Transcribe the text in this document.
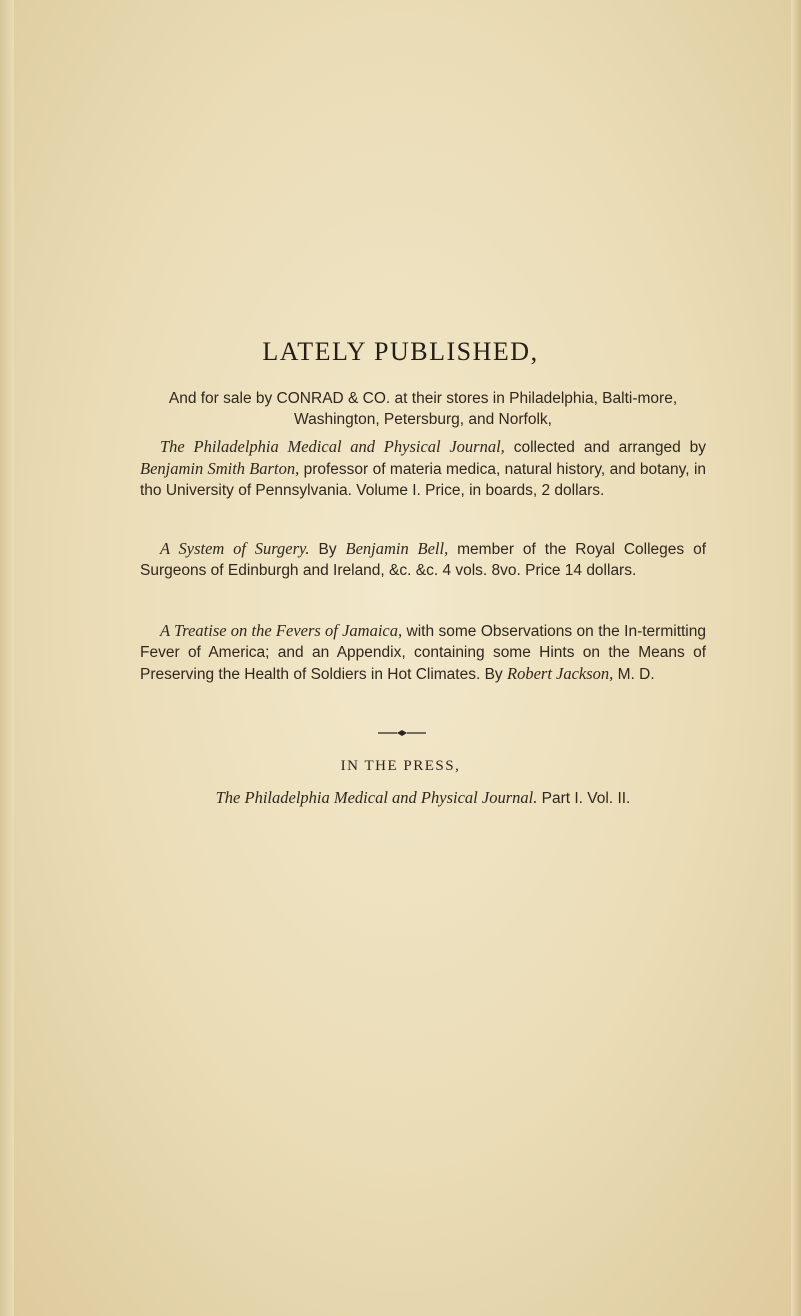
LATELY PUBLISHED,
And for sale by CONRAD & CO. at their stores in Philadelphia, Balti-more, Washington, Petersburg, and Norfolk,
The Philadelphia Medical and Physical Journal, collected and arranged by Benjamin Smith Barton, professor of materia medica, natural history, and botany, in tho University of Pennsylvania. Volume I. Price, in boards, 2 dollars.
A System of Surgery. By Benjamin Bell, member of the Royal Colleges of Surgeons of Edinburgh and Ireland, &c. &c. 4 vols. 8vo. Price 14 dollars.
A Treatise on the Fevers of Jamaica, with some Observations on the In-termitting Fever of America; and an Appendix, containing some Hints on the Means of Preserving the Health of Soldiers in Hot Climates. By Robert Jackson, M. D.
IN THE PRESS,
The Philadelphia Medical and Physical Journal. Part I. Vol. II.
